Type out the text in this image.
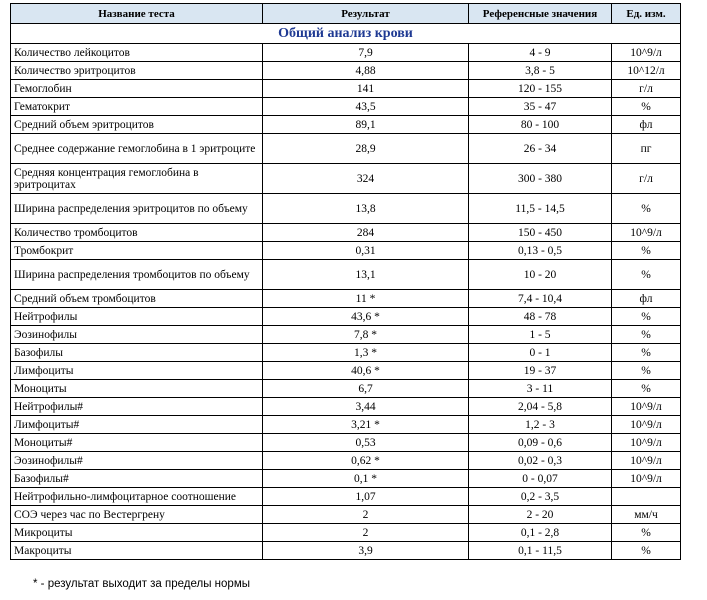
Название теста	Результат	Референсные значения	Ед. изм.
Общий анализ крови			
Количество лейкоцитов	7,9	4 - 9	10^9/л
Количество эритроцитов	4,88	3,8 - 5	10^12/л
Гемоглобин	141	120 - 155	г/л
Гематокрит	43,5	35 - 47	%
Средний объем эритроцитов	89,1	80 - 100	фл
Среднее содержание гемоглобина в 1 эритроците	28,9	26 - 34	пг
Средняя концентрация гемоглобина в эритроцитах	324	300 - 380	г/л
Ширина распределения эритроцитов по объему	13,8	11,5 - 14,5	%
Количество тромбоцитов	284	150 - 450	10^9/л
Тромбокрит	0,31	0,13 - 0,5	%
Ширина распределения тромбоцитов по объему	13,1	10 - 20	%
Средний объем тромбоцитов	11 *	7,4 - 10,4	фл
Нейтрофилы	43,6 *	48 - 78	%
Эозинофилы	7,8 *	1 - 5	%
Базофилы	1,3 *	0 - 1	%
Лимфоциты	40,6 *	19 - 37	%
Моноциты	6,7	3 - 11	%
Нейтрофилы#	3,44	2,04 - 5,8	10^9/л
Лимфоциты#	3,21 *	1,2 - 3	10^9/л
Моноциты#	0,53	0,09 - 0,6	10^9/л
Эозинофилы#	0,62 *	0,02 - 0,3	10^9/л
Базофилы#	0,1 *	0 - 0,07	10^9/л
Нейтрофильно-лимфоцитарное соотношение	1,07	0,2 - 3,5	
СОЭ через час по Вестергрену	2	2 - 20	мм/ч
Микроциты	2	0,1 - 2,8	%
Макроциты	3,9	0,1 - 11,5	%
* - результат выходит за пределы нормы
